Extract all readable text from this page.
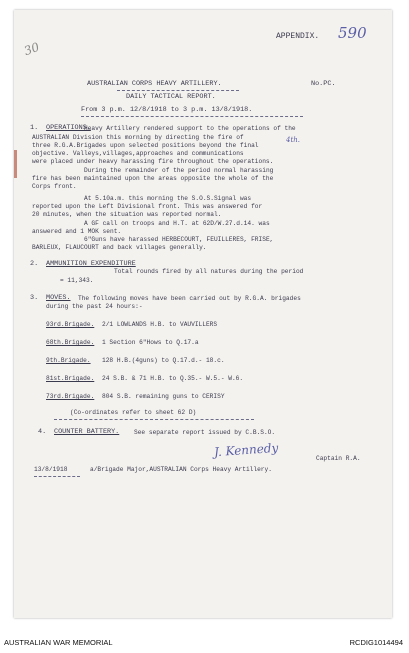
APPENDIX. 590
30
AUSTRALIAN CORPS HEAVY ARTILLERY.	No.PC.
DAILY TACTICAL REPORT.
From 3 p.m. 12/8/1918 to 3 p.m. 13/8/1918.
1. OPERATIONS.
4th.
Heavy Artillery rendered support to the operations of the
AUSTRALIAN Division this morning by directing the fire of
three R.G.A.Brigades upon selected positions beyond the final
objective. Valleys,villages,approaches and communications
were placed under heavy harassing fire throughout the operations.
During the remainder of the period normal harassing
fire has been maintained upon the areas opposite the whole of the
Corps front.
At 5.10a.m. this morning the S.O.S.Signal was
reported upon the Left Divisional front. This was answered for
20 minutes, when the situation was reported normal.
A GF call on troops and H.T. at 62D/W.27.d.14. was
answered and 1 MOK sent.
6"Guns have harassed HERBECOURT, FEUILLERES, FRISE,
BARLEUX, FLAUCOURT and back villages generally.
2. AMMUNITION EXPENDITURE
Total rounds fired by all natures during the period
= 11,343.
3. MOVES. The following moves have been carried out by R.G.A. brigades
during the past 24 hours:-
93rd.Brigade. 2/1 LOWLANDS H.B. to VAUVILLERS
68th.Brigade. 1 Section 6"Hows to Q.17.a
9th.Brigade. 128 H.B.(4guns) to Q.17.d.- 18.c.
81st.Brigade. 24 S.B. & 71 H.B. to Q.35.- W.5.- W.6.
73rd.Brigade. 804 S.B. remaining guns to CERISY
(Co-ordinates refer to sheet 62 D)
4. COUNTER BATTERY. See separate report issued by C.B.S.O.
J. Kennedy	Captain R.A.
13/8/1918	a/Brigade Major,AUSTRALIAN Corps Heavy Artillery.
AUSTRALIAN WAR MEMORIAL	RCDIG1014494
